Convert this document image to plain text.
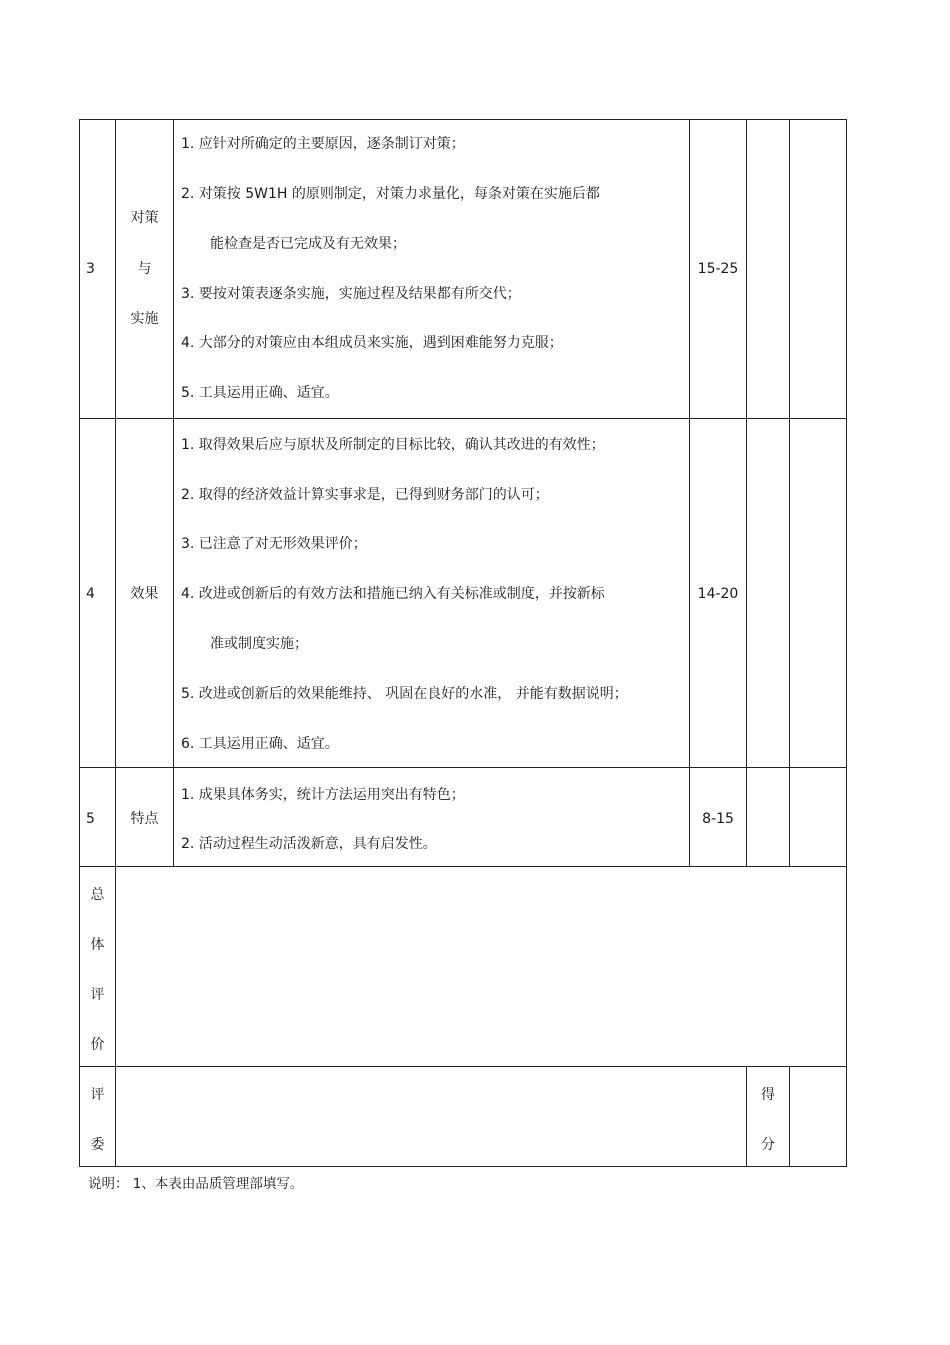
3
对策
与
实施
1. 应针对所确定的主要原因，逐条制订对策；
2. 对策按 5W1H 的原则制定，对策力求量化，每条对策在实施后都
能检查是否已完成及有无效果；
3. 要按对策表逐条实施，实施过程及结果都有所交代；
4. 大部分的对策应由本组成员来实施，遇到困难能努力克服；
5. 工具运用正确、适宜。
15-25
4	效果
1. 取得效果后应与原状及所制定的目标比较，确认其改进的有效性；
2. 取得的经济效益计算实事求是，已得到财务部门的认可；
3. 已注意了对无形效果评价；
4. 改进或创新后的有效方法和措施已纳入有关标准或制度，并按新标
准或制度实施；
5. 改进或创新后的效果能维持、 巩固在良好的水准， 并能有数据说明；
6. 工具运用正确、适宜。
14-20
5	特点
1. 成果具体务实，统计方法运用突出有特色；
2. 活动过程生动活泼新意，具有启发性。
8-15
总
体
评
价
评
委
得
分
说明： 1、本表由品质管理部填写。
